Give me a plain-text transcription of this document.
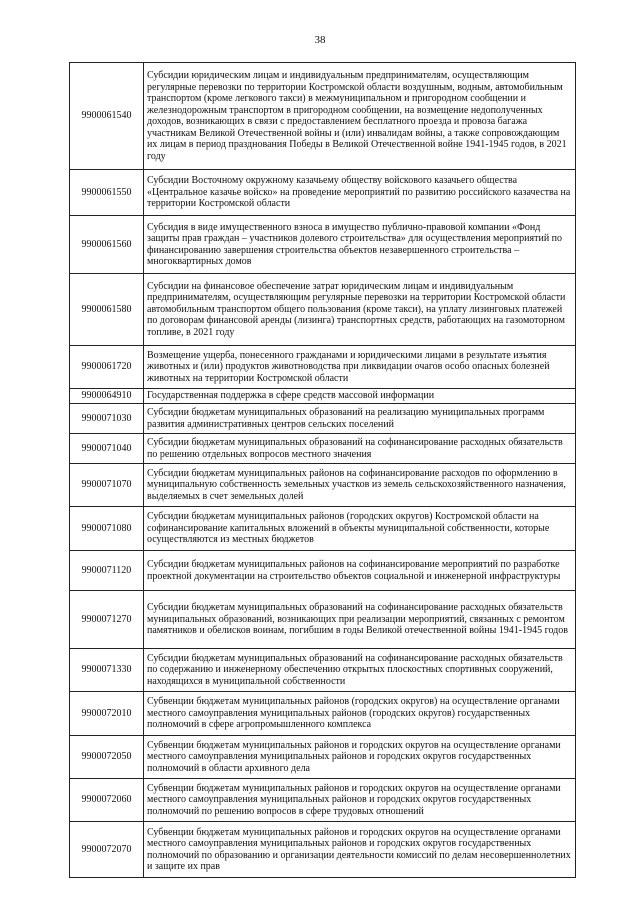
38
9900061540	Субсидии юридическим лицам и индивидуальным предпринимателям, осуществляющим регулярные перевозки по территории Костромской области воздушным, водным, автомобильным транспортом (кроме легкового такси) в межмуниципальном и пригородном сообщении и железнодорожным транспортом в пригородном сообщении, на возмещение недополученных доходов, возникающих в связи с предоставлением бесплатного проезда и провоза багажа участникам Великой Отечественной войны и (или) инвалидам войны, а также сопровождающим их лицам в период празднования Победы в Великой Отечественной войне 1941-1945 годов, в 2021 году
9900061550	Субсидии Восточному окружному казачьему обществу войскового казачьего общества «Центральное казачье войско» на проведение мероприятий по развитию российского казачества на территории Костромской области
9900061560	Субсидия в виде имущественного взноса в имущество публично-правовой компании «Фонд защиты прав граждан – участников долевого строительства» для осуществления мероприятий по финансированию завершения строительства объектов незавершенного строительства – многоквартирных домов
9900061580	Субсидии на финансовое обеспечение затрат юридическим лицам и индивидуальным предпринимателям, осуществляющим регулярные перевозки на территории Костромской области автомобильным транспортом общего пользования (кроме такси), на уплату лизинговых платежей по договорам финансовой аренды (лизинга) транспортных средств, работающих на газомоторном топливе, в 2021 году
9900061720	Возмещение ущерба, понесенного гражданами и юридическими лицами в результате изъятия животных и (или) продуктов животноводства при ликвидации очагов особо опасных болезней животных на территории Костромской области
9900064910	Государственная поддержка в сфере средств массовой информации
9900071030	Субсидии бюджетам муниципальных образований на реализацию муниципальных программ развития административных центров сельских поселений
9900071040	Субсидии бюджетам муниципальных образований на софинансирование расходных обязательств по решению отдельных вопросов местного значения
9900071070	Субсидии бюджетам муниципальных районов на софинансирование расходов по оформлению в муниципальную собственность земельных участков из земель сельскохозяйственного назначения, выделяемых в счет земельных долей
9900071080	Субсидии бюджетам муниципальных районов (городских округов) Костромской области на софинансирование капитальных вложений в объекты муниципальной собственности, которые осуществляются из местных бюджетов
9900071120	Субсидии бюджетам муниципальных районов на софинансирование мероприятий по разработке проектной документации на строительство объектов социальной и инженерной инфраструктуры
9900071270	Субсидии бюджетам муниципальных образований на софинансирование расходных обязательств муниципальных образований, возникающих при реализации мероприятий, связанных с ремонтом памятников и обелисков воинам, погибшим в годы Великой отечественной войны 1941-1945 годов
9900071330	Субсидии бюджетам муниципальных образований на софинансирование расходных обязательств по содержанию и инженерному обеспечению открытых плоскостных спортивных сооружений, находящихся в муниципальной собственности
9900072010	Субвенции бюджетам муниципальных районов (городских округов) на осуществление органами местного самоуправления муниципальных районов (городских округов) государственных полномочий в сфере агропромышленного комплекса
9900072050	Субвенции бюджетам муниципальных районов и городских округов на осуществление органами местного самоуправления муниципальных районов и городских округов государственных полномочий в области архивного дела
9900072060	Субвенции бюджетам муниципальных районов и городских округов на осуществление органами местного самоуправления муниципальных районов и городских округов государственных полномочий по решению вопросов в сфере трудовых отношений
9900072070	Субвенции бюджетам муниципальных районов и городских округов на осуществление органами местного самоуправления муниципальных районов и городских округов государственных полномочий по образованию и организации деятельности комиссий по делам несовершеннолетних и защите их прав
